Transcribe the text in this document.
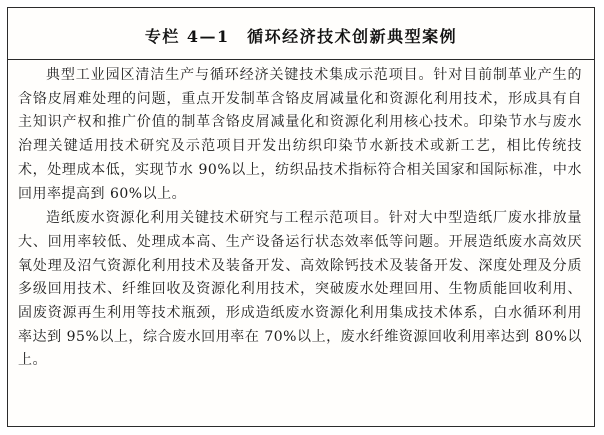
专栏 4—1　循环经济技术创新典型案例

典型工业园区清洁生产与循环经济关键技术集成示范项目。针对目前制革业产生的含铬皮屑难处理的问题，重点开发制革含铬皮屑减量化和资源化利用技术，形成具有自主知识产权和推广价值的制革含铬皮屑减量化和资源化利用核心技术。印染节水与废水治理关键适用技术研究及示范项目开发出纺织印染节水新技术或新工艺，相比传统技术，处理成本低，实现节水 90%以上，纺织品技术指标符合相关国家和国际标准，中水回用率提高到 60%以上。

造纸废水资源化利用关键技术研究与工程示范项目。针对大中型造纸厂废水排放量大、回用率较低、处理成本高、生产设备运行状态效率低等问题。开展造纸废水高效厌氧处理及沼气资源化利用技术及装备开发、高效除钙技术及装备开发、深度处理及分质多级回用技术、纤维回收及资源化利用技术，突破废水处理回用、生物质能回收利用、固废资源再生利用等技术瓶颈，形成造纸废水资源化利用集成技术体系，白水循环利用率达到 95%以上，综合废水回用率在 70%以上，废水纤维资源回收利用率达到 80%以上。
